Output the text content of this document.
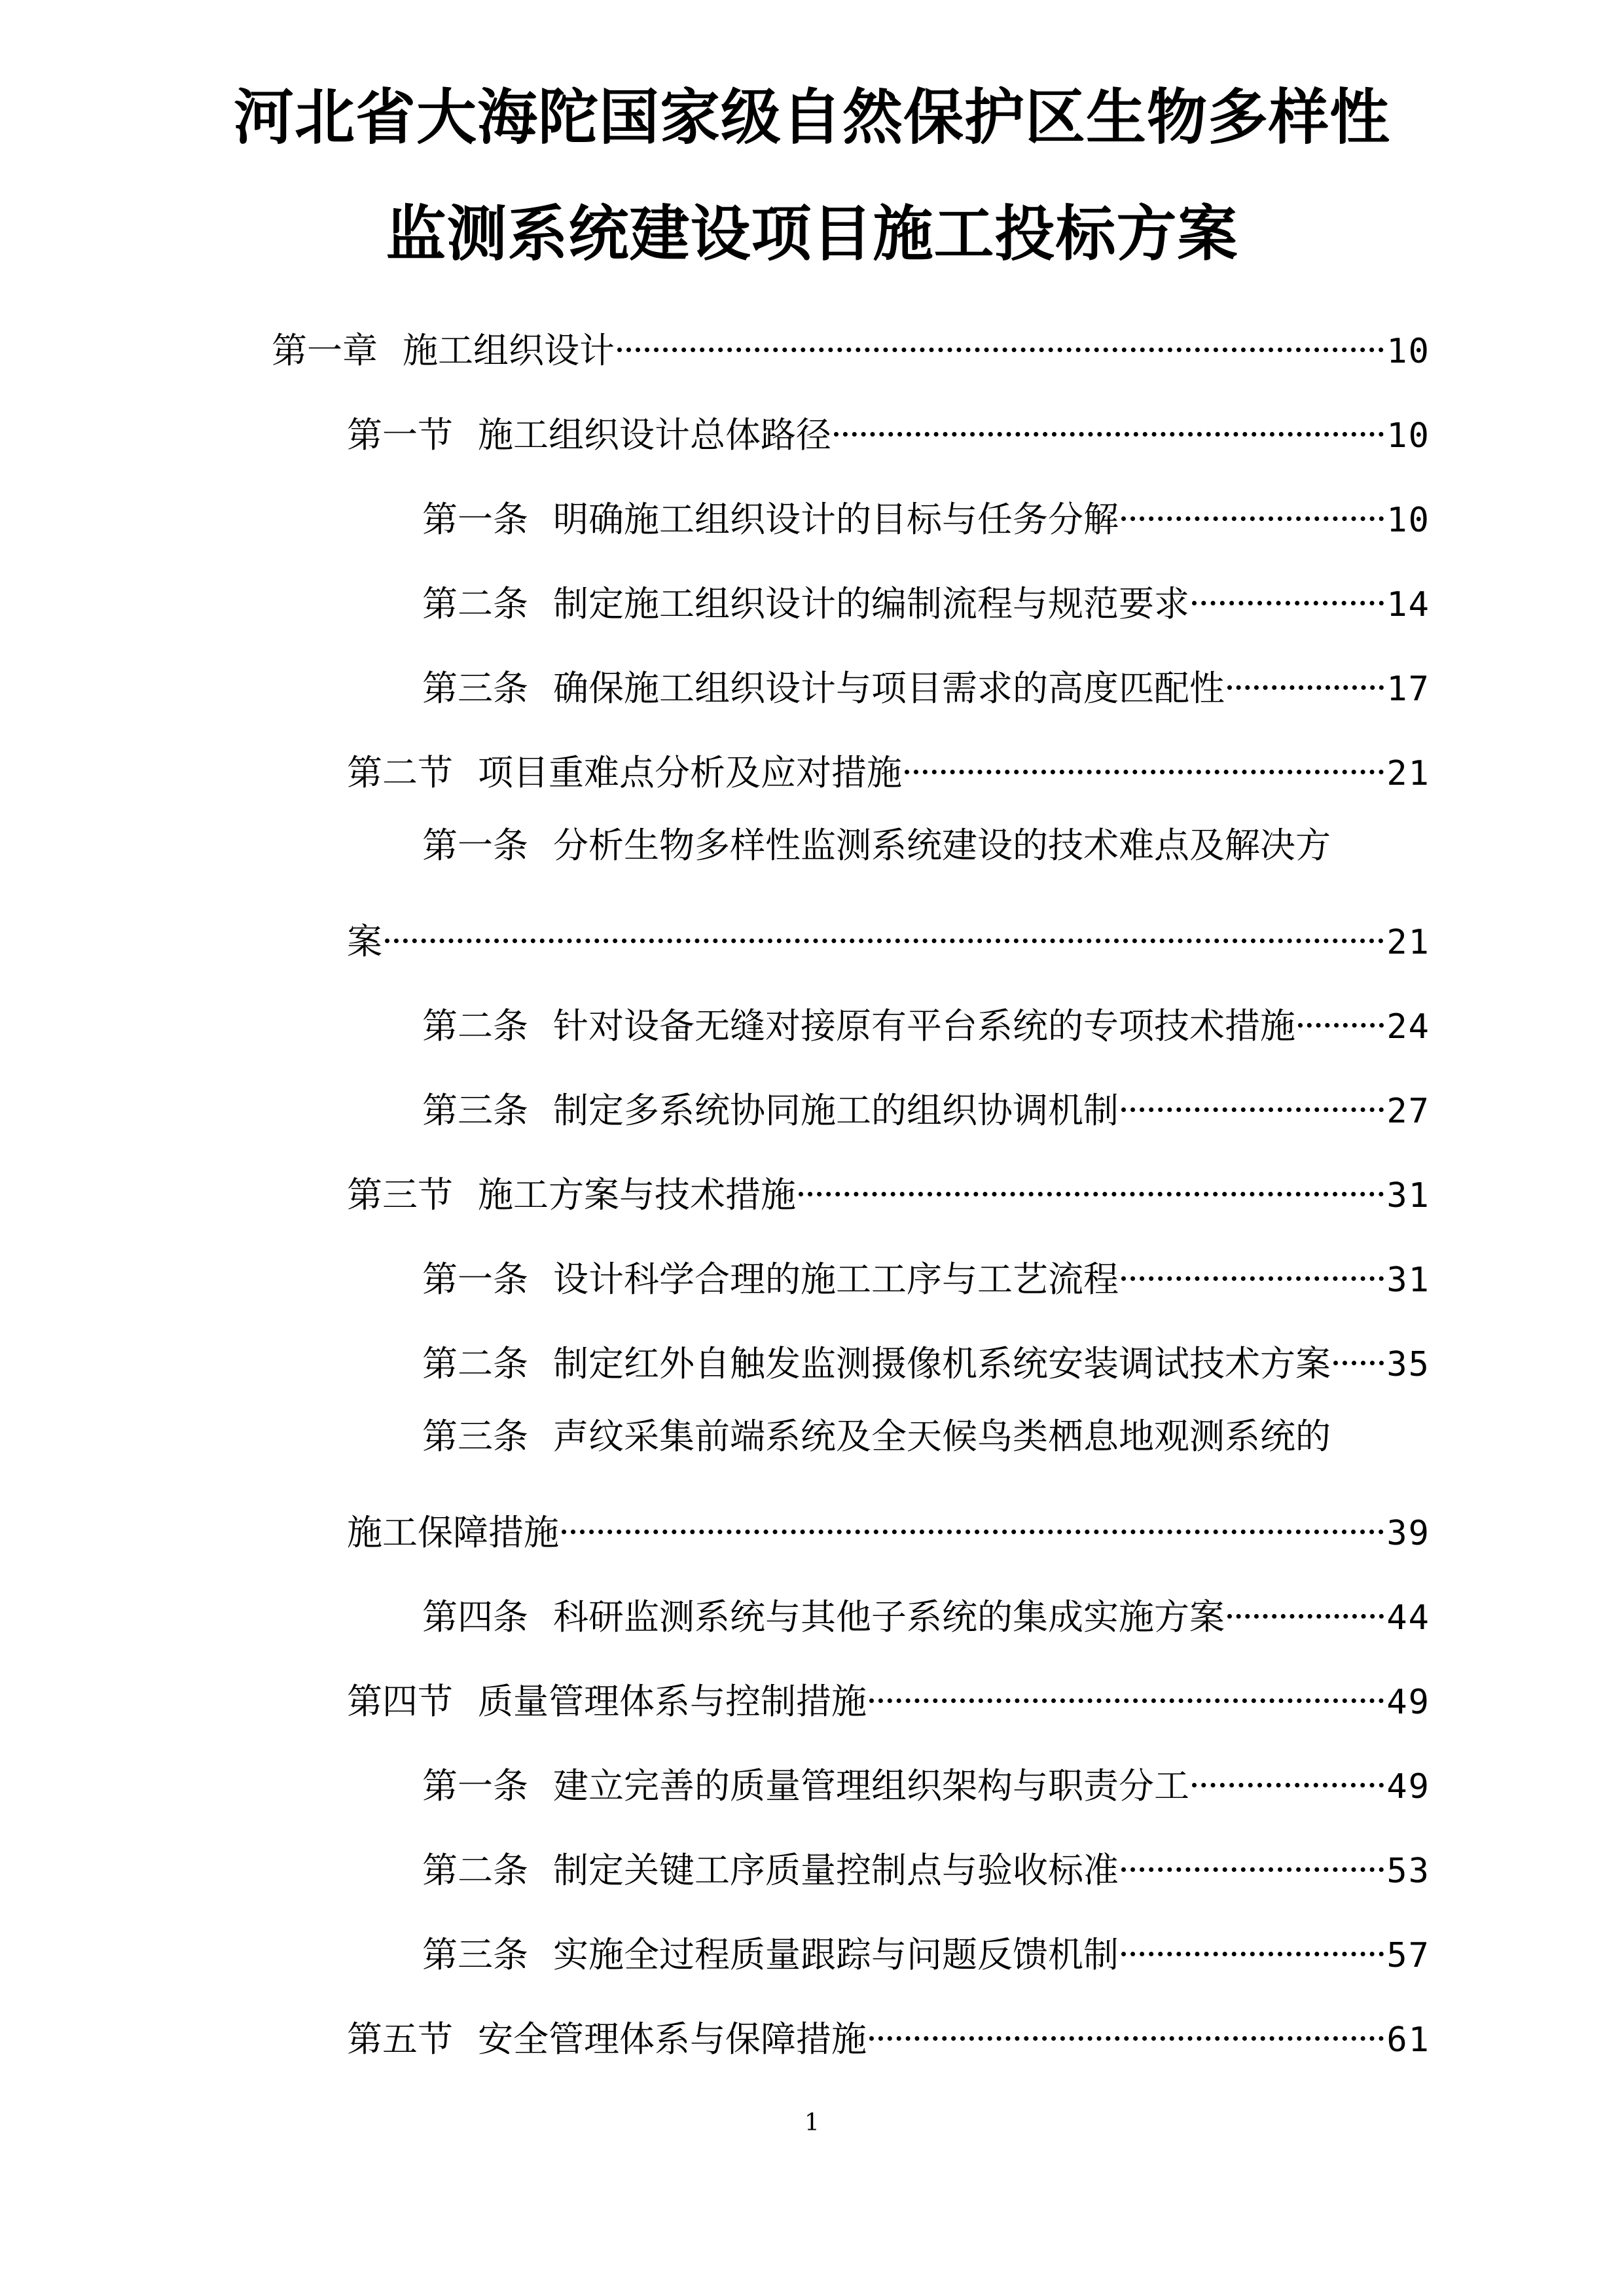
河北省大海陀国家级自然保护区生物多样性
监测系统建设项目施工投标方案
第一章 施工组织设计	10
第一节 施工组织设计总体路径	10
第一条 明确施工组织设计的目标与任务分解	10
第二条 制定施工组织设计的编制流程与规范要求	14
第三条 确保施工组织设计与项目需求的高度匹配性	17
第二节 项目重难点分析及应对措施	21
第一条 分析生物多样性监测系统建设的技术难点及解决方
案	21
第二条 针对设备无缝对接原有平台系统的专项技术措施	24
第三条 制定多系统协同施工的组织协调机制	27
第三节 施工方案与技术措施	31
第一条 设计科学合理的施工工序与工艺流程	31
第二条 制定红外自触发监测摄像机系统安装调试技术方案 35
第三条 声纹采集前端系统及全天候鸟类栖息地观测系统的
施工保障措施	39
第四条 科研监测系统与其他子系统的集成实施方案	44
第四节 质量管理体系与控制措施	49
第一条 建立完善的质量管理组织架构与职责分工	49
第二条 制定关键工序质量控制点与验收标准	53
第三条 实施全过程质量跟踪与问题反馈机制	57
第五节 安全管理体系与保障措施	61
1
